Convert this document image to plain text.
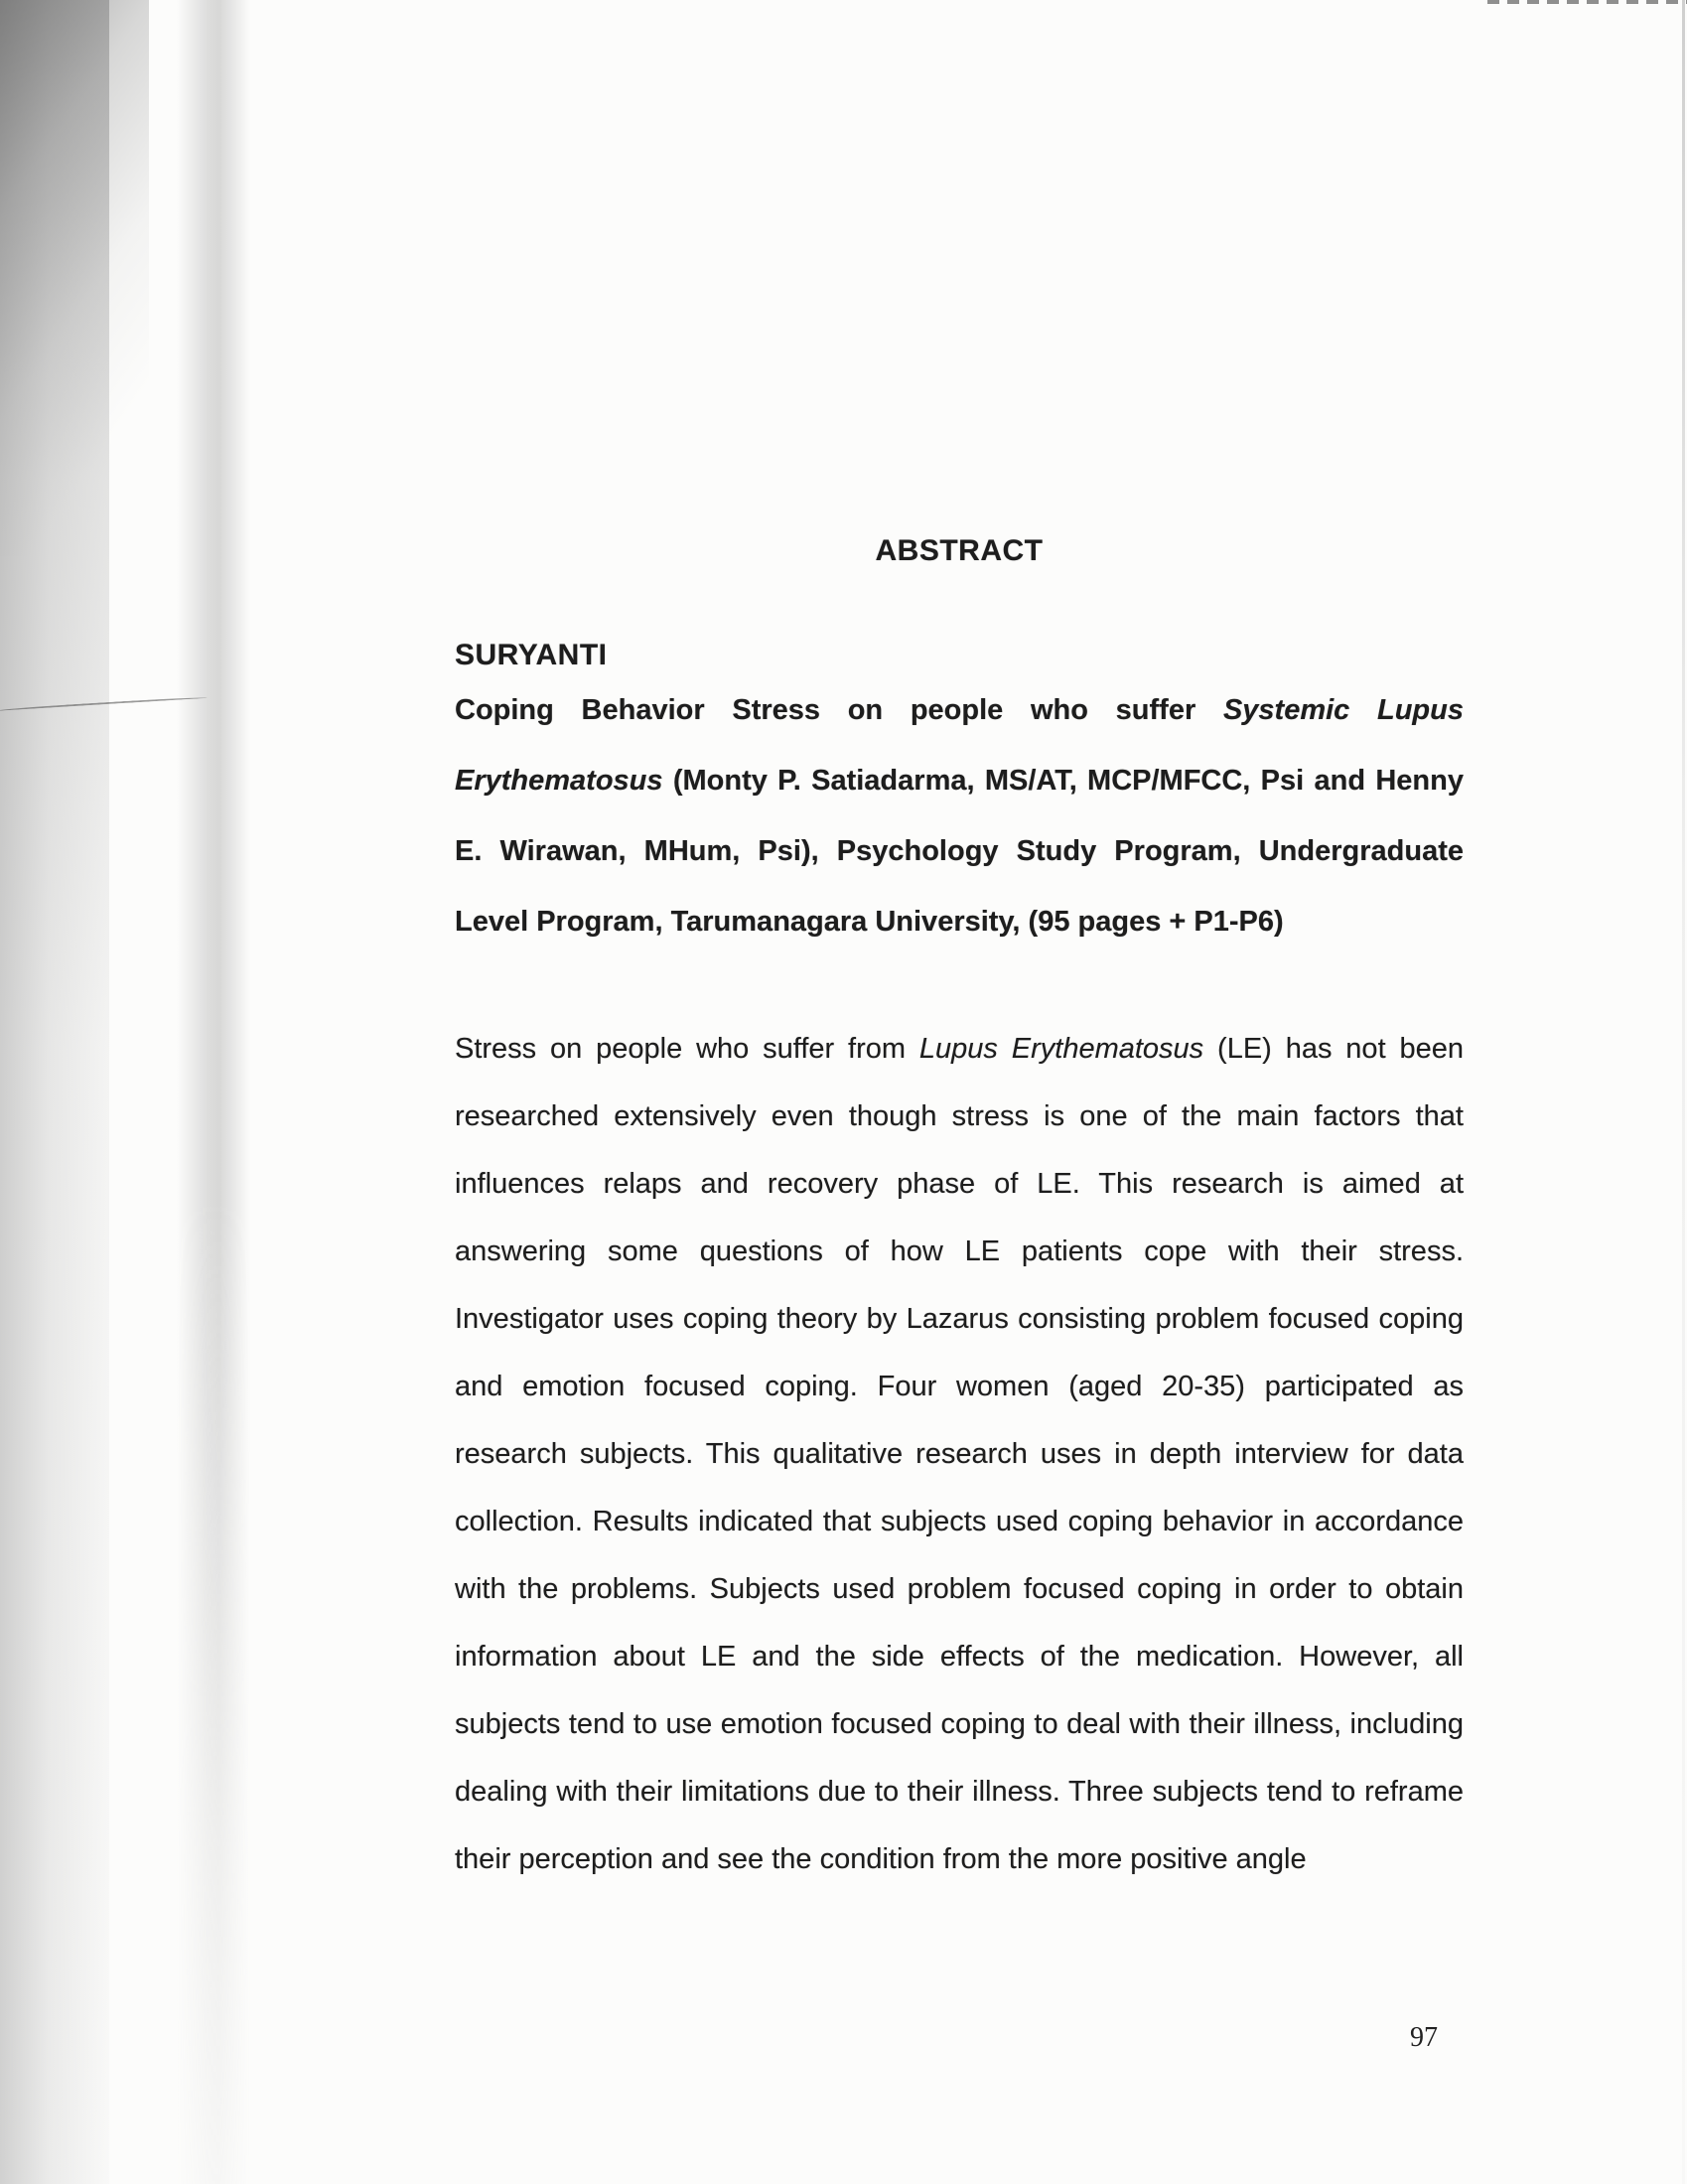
ABSTRACT
SURYANTI

Coping Behavior Stress on people who suffer Systemic Lupus Erythematosus (Monty P. Satiadarma, MS/AT, MCP/MFCC, Psi and Henny E. Wirawan, MHum, Psi), Psychology Study Program, Undergraduate Level Program, Tarumanagara University, (95 pages + P1-P6)

Stress on people who suffer from Lupus Erythematosus (LE) has not been researched extensively even though stress is one of the main factors that influences relaps and recovery phase of LE. This research is aimed at answering some questions of how LE patients cope with their stress. Investigator uses coping theory by Lazarus consisting problem focused coping and emotion focused coping. Four women (aged 20-35) participated as research subjects. This qualitative research uses in depth interview for data collection. Results indicated that subjects used coping behavior in accordance with the problems. Subjects used problem focused coping in order to obtain information about LE and the side effects of the medication. However, all subjects tend to use emotion focused coping to deal with their illness, including dealing with their limitations due to their illness. Three subjects tend to reframe their perception and see the condition from the more positive angle

97
